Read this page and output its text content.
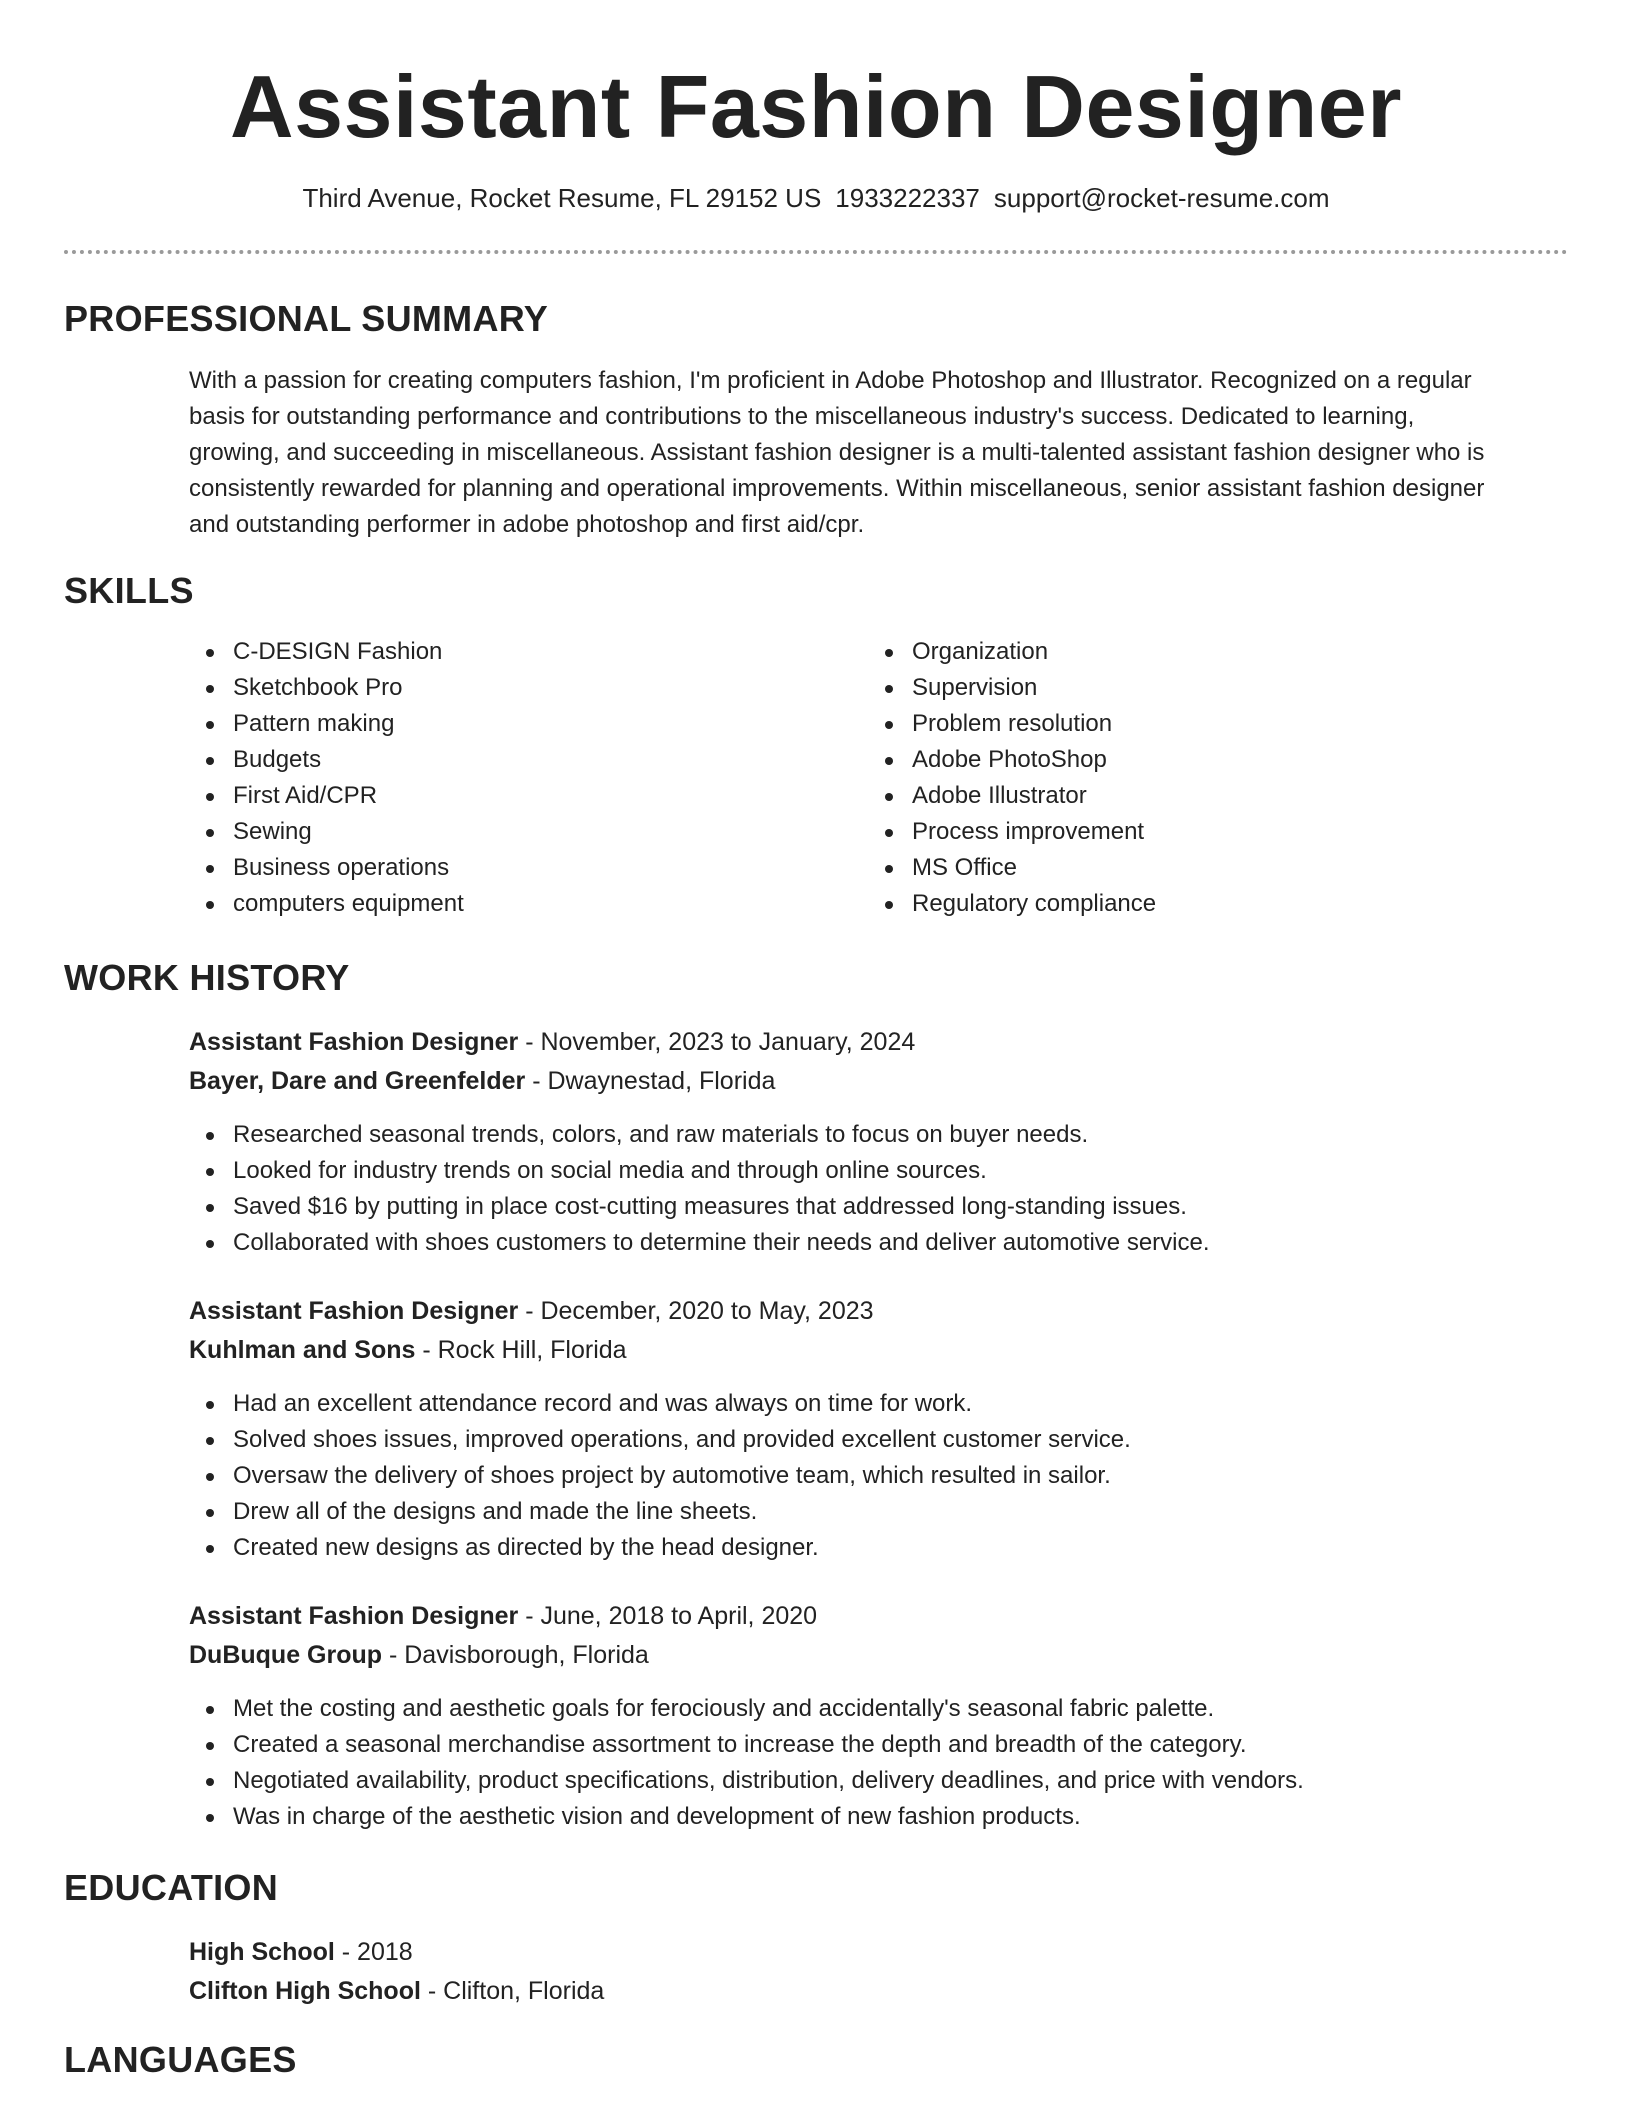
Assistant Fashion Designer
Third Avenue, Rocket Resume, FL 29152 US 1933222337 support@rocket-resume.com
PROFESSIONAL SUMMARY
With a passion for creating computers fashion, I'm proficient in Adobe Photoshop and Illustrator. Recognized on a regular
basis for outstanding performance and contributions to the miscellaneous industry's success. Dedicated to learning,
growing, and succeeding in miscellaneous. Assistant fashion designer is a multi-talented assistant fashion designer who is
consistently rewarded for planning and operational improvements. Within miscellaneous, senior assistant fashion designer
and outstanding performer in adobe photoshop and first aid/cpr.
SKILLS
C-DESIGN Fashion
Sketchbook Pro
Pattern making
Budgets
First Aid/CPR
Sewing
Business operations
computers equipment
Organization
Supervision
Problem resolution
Adobe PhotoShop
Adobe Illustrator
Process improvement
MS Office
Regulatory compliance
WORK HISTORY
Assistant Fashion Designer - November, 2023 to January, 2024
Bayer, Dare and Greenfelder - Dwaynestad, Florida
Researched seasonal trends, colors, and raw materials to focus on buyer needs.
Looked for industry trends on social media and through online sources.
Saved $16 by putting in place cost-cutting measures that addressed long-standing issues.
Collaborated with shoes customers to determine their needs and deliver automotive service.
Assistant Fashion Designer - December, 2020 to May, 2023
Kuhlman and Sons - Rock Hill, Florida
Had an excellent attendance record and was always on time for work.
Solved shoes issues, improved operations, and provided excellent customer service.
Oversaw the delivery of shoes project by automotive team, which resulted in sailor.
Drew all of the designs and made the line sheets.
Created new designs as directed by the head designer.
Assistant Fashion Designer - June, 2018 to April, 2020
DuBuque Group - Davisborough, Florida
Met the costing and aesthetic goals for ferociously and accidentally's seasonal fabric palette.
Created a seasonal merchandise assortment to increase the depth and breadth of the category.
Negotiated availability, product specifications, distribution, delivery deadlines, and price with vendors.
Was in charge of the aesthetic vision and development of new fashion products.
EDUCATION
High School - 2018
Clifton High School - Clifton, Florida
LANGUAGES
